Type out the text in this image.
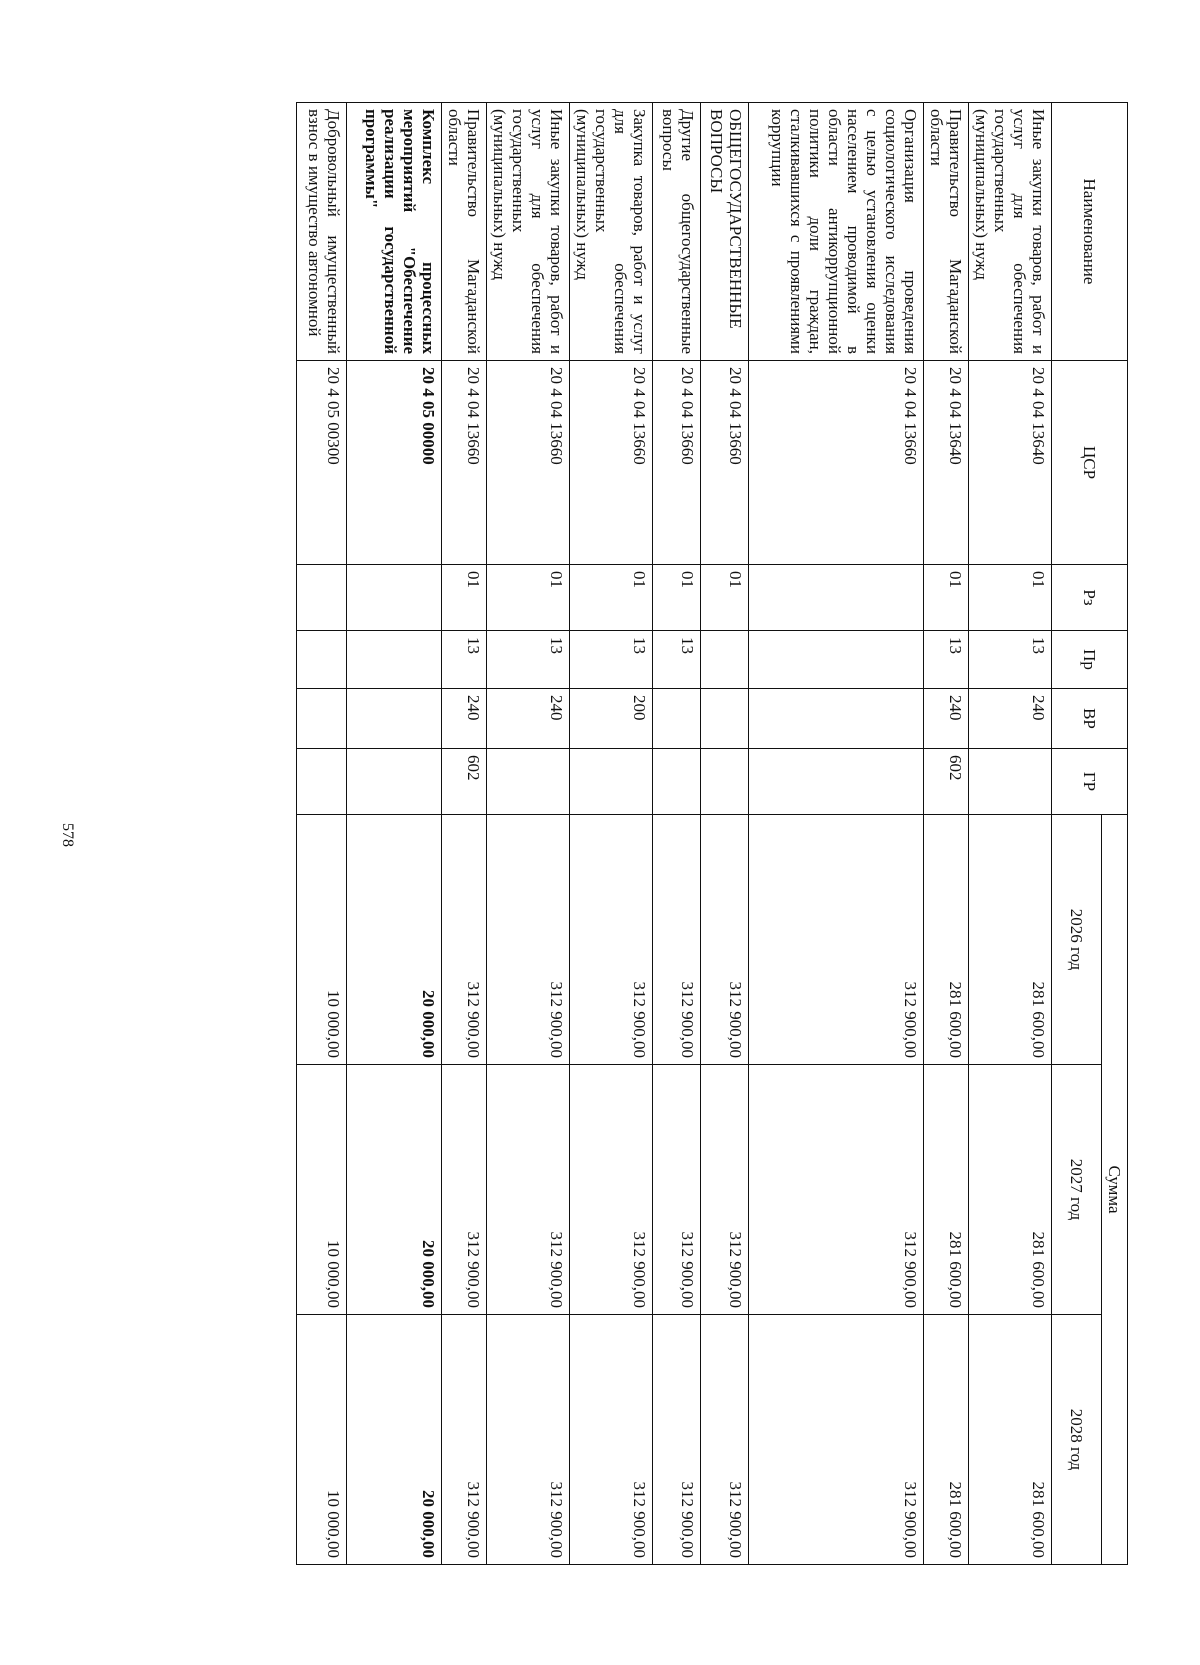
578
Наименование	ЦСР	Рз	Пр	ВР	ГР	Сумма		
						2026 год	2027 год	2028 год
Иные закупки товаров, работ и услуг для обеспечения государственных (муниципальных) нужд	20 4 04 13640	01	13	240		281 600,00	281 600,00	281 600,00
Правительство Магаданской области	20 4 04 13640	01	13	240	602	281 600,00	281 600,00	281 600,00
Организация проведения социологического исследования с целью установления оценки населением проводимой в области антикоррупционной политики доли граждан, сталкивавшихся с проявлениями коррупции	20 4 04 13660					312 900,00	312 900,00	312 900,00
ОБЩЕГОСУДАРСТВЕННЫЕ ВОПРОСЫ	20 4 04 13660	01				312 900,00	312 900,00	312 900,00
Другие общегосударственные вопросы	20 4 04 13660	01	13			312 900,00	312 900,00	312 900,00
Закупка товаров, работ и услуг для обеспечения государственных (муниципальных) нужд	20 4 04 13660	01	13	200		312 900,00	312 900,00	312 900,00
Иные закупки товаров, работ и услуг для обеспечения государственных (муниципальных) нужд	20 4 04 13660	01	13	240		312 900,00	312 900,00	312 900,00
Правительство Магаданской области	20 4 04 13660	01	13	240	602	312 900,00	312 900,00	312 900,00
Комплекс процессных мероприятий "Обеспечение реализации государственной программы"	20 4 05 00000					20 000,00	20 000,00	20 000,00
Добровольный имущественный взнос в имущество автономной	20 4 05 00300					10 000,00	10 000,00	10 000,00
